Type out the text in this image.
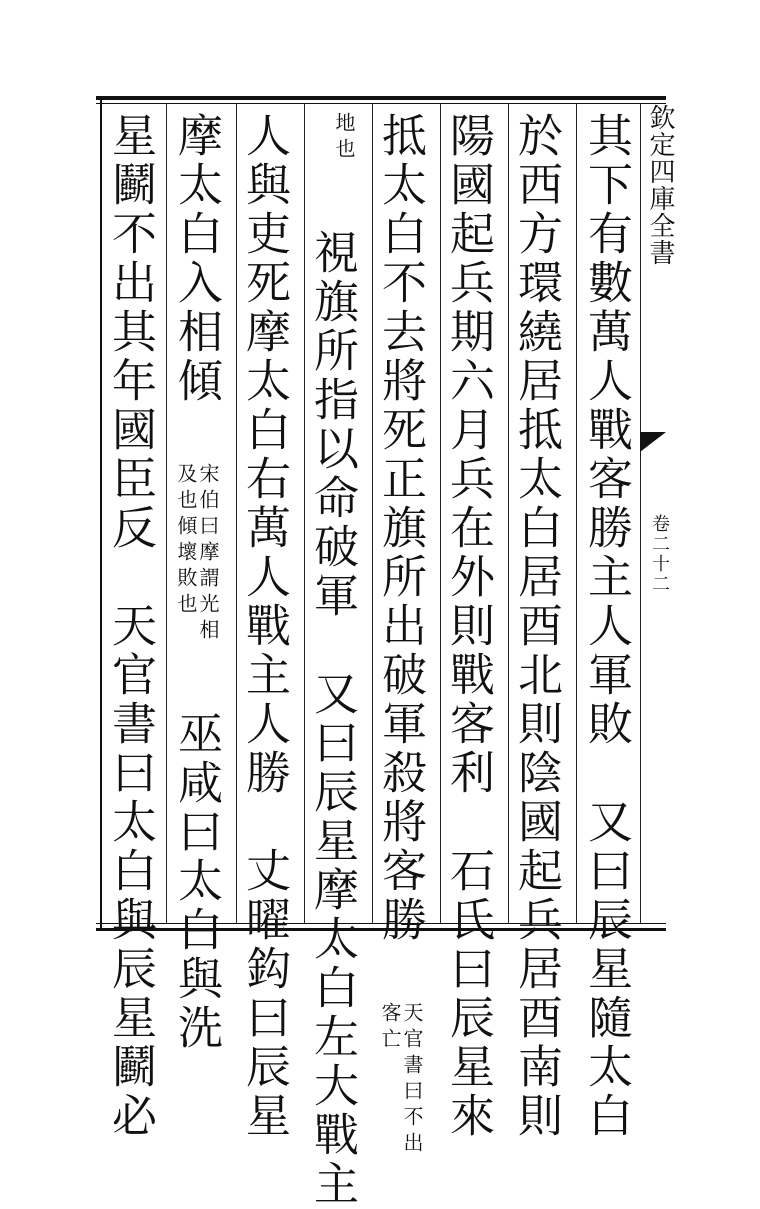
欽定四庫全書
卷二十二
其下有數萬人戰客勝主人軍敗　又曰辰星隨太白
於西方環繞居抵太白居酉北則陰國起兵居酉南則
陽國起兵期六月兵在外則戰客利　石氏曰辰星來
抵太白不去將死正旗所出破軍殺將客勝 天官書曰不出客亡
地也 視旗所指以命破軍　又曰辰星摩太白左大戰主
人與吏死摩太白右萬人戰主人勝　丈曜鈎曰辰星
摩太白入相傾 宋伯曰摩謂光相及也傾壞敗也 巫咸曰太白與洗
星鬬不出其年國臣反　天官書曰太白與辰星鬬必
